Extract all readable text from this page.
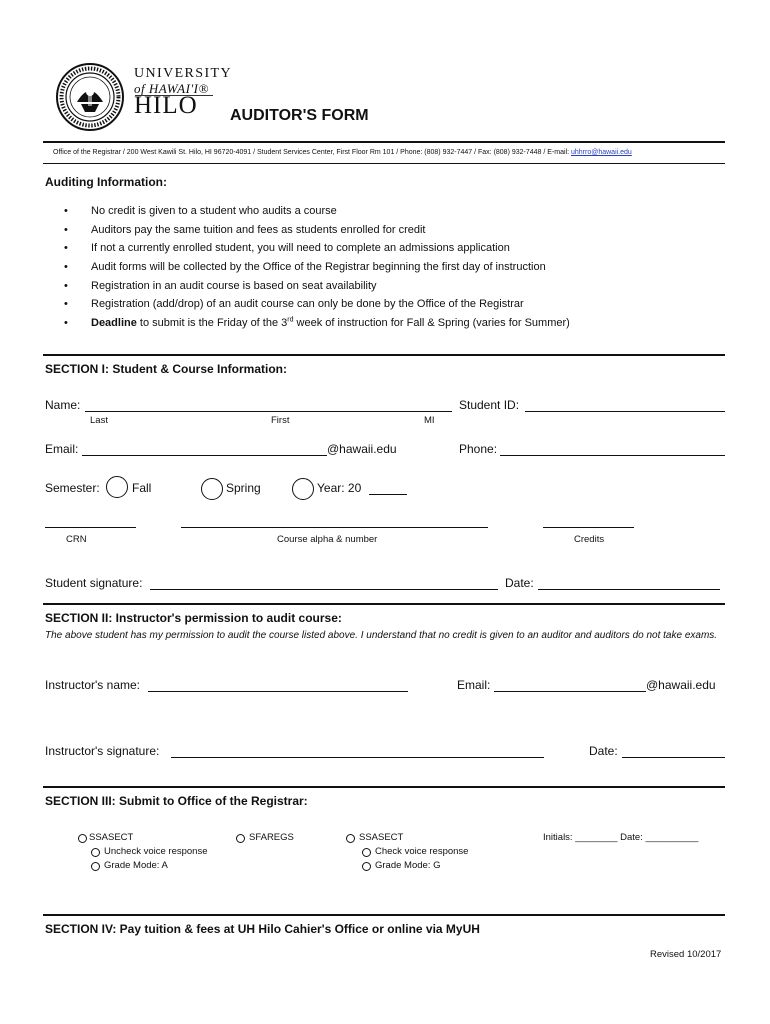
UNIVERSITY
of HAWAI'I®
HILO AUDITOR'S FORM
Office of the Registrar / 200 West Kawili St. Hilo, HI 96720-4091 / Student Services Center, First Floor Rm 101 / Phone: (808) 932-7447 / Fax: (808) 932-7448 / E-mail: uhhrro@hawaii.edu
Auditing Information:
• No credit is given to a student who audits a course
• Auditors pay the same tuition and fees as students enrolled for credit
• If not a currently enrolled student, you will need to complete an admissions application
• Audit forms will be collected by the Office of the Registrar beginning the first day of instruction
• Registration in an audit course is based on seat availability
• Registration (add/drop) of an audit course can only be done by the Office of the Registrar
• Deadline to submit is the Friday of the 3rd week of instruction for Fall & Spring (varies for Summer)
SECTION I: Student & Course Information:
Name:
Last	First	MI
Student ID:
Email:	@hawaii.edu	Phone:
Semester:	Fall	Spring	Year: 20
CRN	Course alpha & number	Credits
Student signature:	Date:
SECTION II: Instructor's permission to audit course:
The above student has my permission to audit the course listed above. I understand that no credit is given to an auditor and auditors do not take exams.
Instructor's name:	Email:	@hawaii.edu
Instructor's signature:	Date:
SECTION III: Submit to Office of the Registrar:
SSASECT
Uncheck voice response
Grade Mode: A
SFAREGS	SSASECT
Check voice response
Grade Mode: G
Initials: ________ Date: __________
SECTION IV: Pay tuition & fees at UH Hilo Cahier's Office or online via MyUH
Revised 10/2017
